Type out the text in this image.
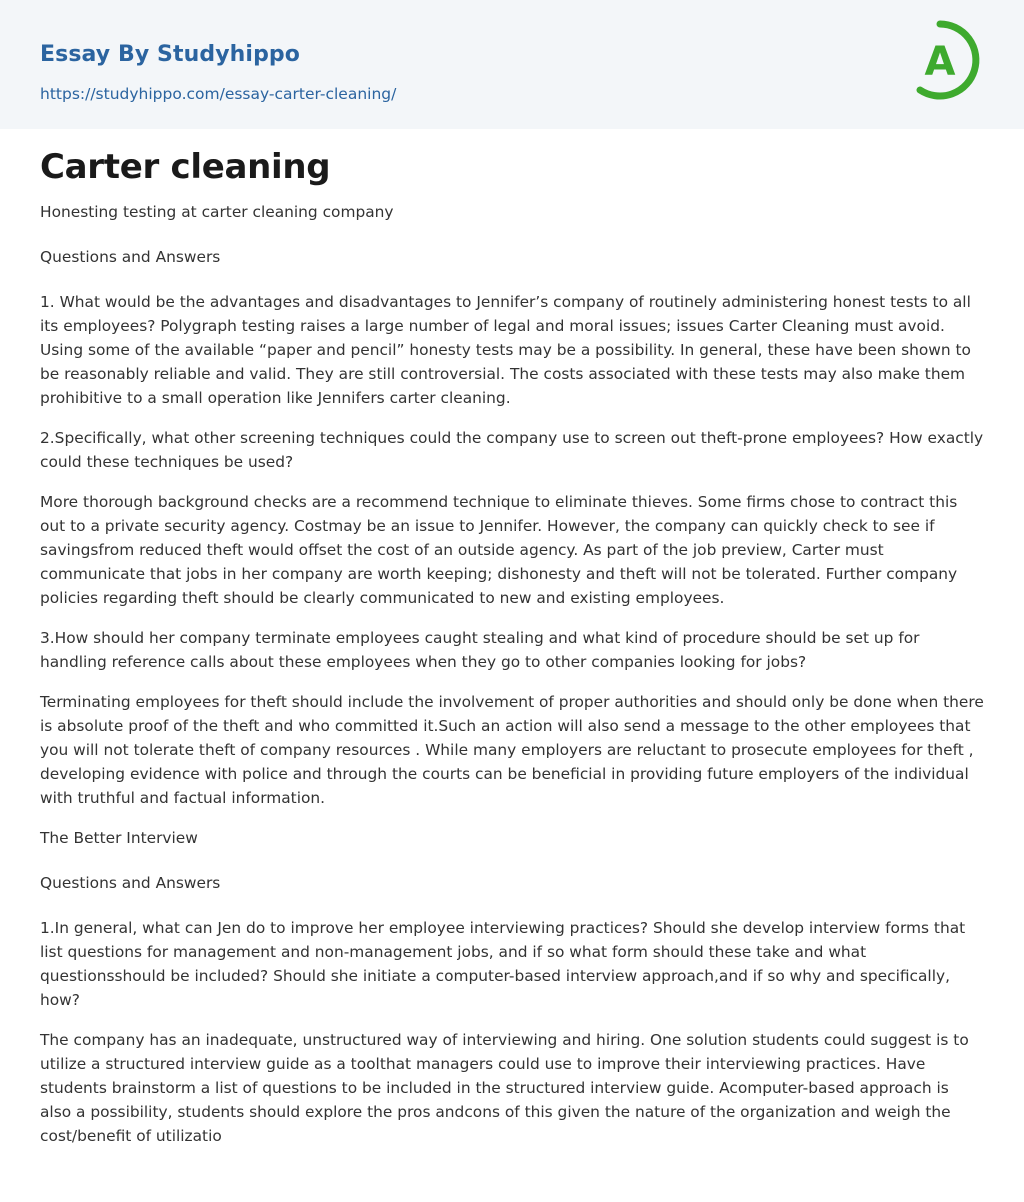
Essay By Studyhippo
https://studyhippo.com/essay-carter-cleaning/
A
Carter cleaning

Honesting testing at carter cleaning company

Questions and Answers

1. What would be the advantages and disadvantages to Jennifer’s company of routinely administering honest tests to all its employees? Polygraph testing raises a large number of legal and moral issues; issues Carter Cleaning must avoid. Using some of the available “paper and pencil” honesty tests may be a possibility. In general, these have been shown to be reasonably reliable and valid. They are still controversial. The costs associated with these tests may also make them prohibitive to a small operation like Jennifers carter cleaning.

2.Specifically, what other screening techniques could the company use to screen out theft-prone employees? How exactly could these techniques be used?

More thorough background checks are a recommend technique to eliminate thieves. Some firms chose to contract this out to a private security agency. Costmay be an issue to Jennifer. However, the company can quickly check to see if savingsfrom reduced theft would offset the cost of an outside agency. As part of the job preview, Carter must communicate that jobs in her company are worth keeping; dishonesty and theft will not be tolerated. Further company policies regarding theft should be clearly communicated to new and existing employees.

3.How should her company terminate employees caught stealing and what kind of procedure should be set up for handling reference calls about these employees when they go to other companies looking for jobs?

Terminating employees for theft should include the involvement of proper authorities and should only be done when there is absolute proof of the theft and who committed it.Such an action will also send a message to the other employees that you will not tolerate theft of company resources . While many employers are reluctant to prosecute employees for theft , developing evidence with police and through the courts can be beneficial in providing future employers of the individual with truthful and factual information.

The Better Interview

Questions and Answers

1.In general, what can Jen do to improve her employee interviewing practices? Should she develop interview forms that list questions for management and non-management jobs, and if so what form should these take and what questionsshould be included? Should she initiate a computer-based interview approach,and if so why and specifically, how?

The company has an inadequate, unstructured way of interviewing and hiring. One solution students could suggest is to utilize a structured interview guide as a toolthat managers could use to improve their interviewing practices. Have students brainstorm a list of questions to be included in the structured interview guide. Acomputer-based approach is also a possibility, students should explore the pros andcons of this given the nature of the organization and weigh the cost/benefit of utilizatio
